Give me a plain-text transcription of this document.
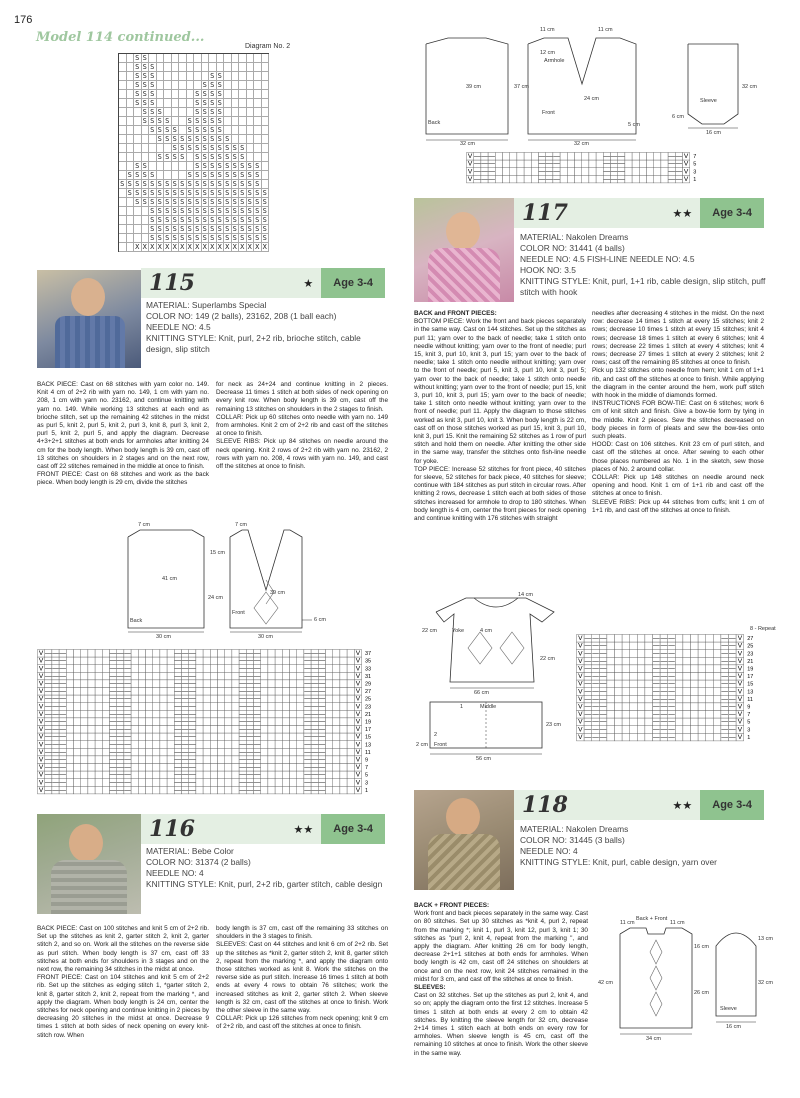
176
Model 114 continued...
Diagram No. 2
S S
S S S
S S S	S S
S S S	S S S
S S S	S S S S
S S S	S S S S
S S S	S S S S
S S S S	S S S S S
S S S S	S S S S S
S S S S S S S S S S
S S S S S S S S S S
S S S S	S S S S S S S
S S	S S S S S S S S S
S S S S	S S S S S S S S S S
S S S S S S S S S S S S S S S S S S S
S S S S S S S S S S S S S S S S S S S
S S S S S S S S S S S S S S S S S S
S S S S S S S S S S S S S S S S
S S S S S S S S S S S S S S S S
S S S S S S S S S S S S S S S S
S S S S S S S S S S S S S S S S
X X X X X X X X X X X X X X X X X X
115	★	Age 3-4
MATERIAL: Superlambs Special
COLOR NO: 149 (2 balls), 23162, 208 (1 ball each)
NEEDLE NO: 4.5
KNITTING STYLE: Knit, purl, 2+2 rib, brioche stitch, cable design, slip stitch

BACK PIECE: Cast on 68 stitches with yarn color no. 149. Knit 4 cm of 2+2 rib with yarn no. 149, 1 cm with yarn no. 208, 1 cm with yarn no. 23162, and continue knitting with yarn no. 149. While working 13 stitches at each end as brioche stitch, set up the remaining 42 stitches in the midst as purl 5, knit 2, purl 5, knit 2, purl 3, knit 8, purl 3, knit 2, purl 5, knit 2, purl 5, and apply the diagram. Decrease 4+3+2+1 stitches at both ends for armholes after knitting 24 cm for the body length. When body length is 39 cm, cast off 13 stitches on shoulders in 2 stages and on the next row, cast off 22 stitches remained in the middle at once to finish.

FRONT PIECE: Cast on 68 stitches and work as the back piece. When body length is 29 cm, divide the stitches

for neck as 24+24 and continue knitting in 2 pieces. Decrease 11 times 1 stitch at both sides of neck opening on every knit row. When body length is 39 cm, cast off the remaining 13 stitches on shoulders in the 2 stages to finish.

COLLAR: Pick up 60 stitches onto needle with yarn no. 149 from armholes. Knit 2 cm of 2+2 rib and cast off the stitches at once to finish.

SLEEVE RIBS: Pick up 84 stitches on needle around the neck opening. Knit 2 rows of 2+2 rib with yarn no. 23162, 2 rows with yarn no. 208, 4 rows with yarn no. 149, and cast off the stitches at once to finish.

7 cm	7 cm
15 cm
41 cm
24 cm
39 cm
6 cm
30 cm	30 cm
Back
Front
V — — —	— — —	— — —	— — —	— — —	V 37
V — — —	— — —	— — —	— — —	— — —	V 35
V — — —	— — —	— — —	— — —	— — —	V 33
V — — —	— — —	— — —	— — —	— — —	V 31
V — — —	— — —	— — —	— — —	— — —	V 29
V — — —	— — —	— — —	— — —	— — —	V 27
V — — —	— — —	— — —	— — —	— — —	V 25
V — — —	— — —	— — —	— — —	— — —	V 23
V — — —	— — —	— — —	— — —	— — —	V 21
V — — —	— — —	— — —	— — —	— — —	V 19
V — — —	— — —	— — —	— — —	— — —	V 17
V — — —	— — —	— — —	— — —	— — —	V 15
V — — —	— — —	— — —	— — —	— — —	V 13
V — — —	— — —	— — —	— — —	— — —	V 11
V — — —	— — —	— — —	— — —	— — —	V 9
V — — —	— — —	— — —	— — —	— — —	V 7
V — — —	— — —	— — —	— — —	— — —	V 5
V — — —	— — —	— — —	— — —	— — —	V 3
V — — —	— — —	— — —	— — —	— — —	V 1
116	★★	Age 3-4
MATERIAL: Bebe Color
COLOR NO: 31374 (2 balls)
NEEDLE NO: 4
KNITTING STYLE: Knit, purl, 2+2 rib, garter stitch, cable design

BACK PIECE: Cast on 100 stitches and knit 5 cm of 2+2 rib. Set up the stitches as knit 2, garter stitch 2, knit 2, garter stitch 2, and so on. Work all the stitches on the reverse side as purl stitch. When body length is 37 cm, cast off 33 stitches at both ends for shoulders in 3 stages and on the next row, the remaining 34 stitches in the midst at once.

FRONT PIECE: Cast on 104 stitches and knit 5 cm of 2+2 rib. Set up the stitches as edging stitch 1, *garter stitch 2, knit 8, garter stitch 2, knit 2, repeat from the marking *, and apply the diagram. When body length is 24 cm, center the stitches for neck opening and continue knitting in 2 pieces by decreasing 20 stitches in the midst at once. Decrease 9 times 1 stitch at both sides of neck opening on every knit-stitch row. When

body length is 37 cm, cast off the remaining 33 stitches on shoulders in the 3 stages to finish.

SLEEVES: Cast on 44 stitches and knit 6 cm of 2+2 rib. Set up the stitches as *knit 2, garter stitch 2, knit 8, garter stitch 2, repeat from the marking *, and apply the diagram onto those stitches worked as knit 8. Work the stitches on the reverse side as purl stitch. Increase 16 times 1 stitch at both ends at every 4 rows to obtain 76 stitches; work the increased stitches as knit 2, garter stitch 2. When sleeve length is 32 cm, cast off the stitches at once to finish. Work the other sleeve in the same way.

COLLAR: Pick up 126 stitches from neck opening; knit 9 cm of 2+2 rib, and cast off the stitches at once to finish.

11 cm	11 cm
12 cm
39 cm	37 cm
24 cm
5 cm
32 cm	32 cm
6 cm
16 cm
32 cm
Armhole
Back
Front
Sleeve
V — — —	— — —	— — —	— — V 7
V — — —	— — —	— — —	— — V 5
V — — —	— — —	— — —	— — V 3
V — — —	— — —	— — —	— — V 1
117	★★	Age 3-4
MATERIAL: Nakolen Dreams
COLOR NO: 31441 (4 balls)
NEEDLE NO: 4.5 FISH-LINE NEEDLE NO: 4.5
HOOK NO: 3.5
KNITTING STYLE: Knit, purl, 1+1 rib, cable design, slip stitch, puff stitch with hook

BACK and FRONT PIECES:

BOTTOM PIECE: Work the front and back pieces separately in the same way. Cast on 144 stitches. Set up the stitches as purl 11; yarn over to the back of needle; take 1 stitch onto needle without knitting; yarn over to the front of needle; purl 15, knit 3, purl 10, knit 3, purl 15; yarn over to the back of needle; take 1 stitch onto needle without knitting; yarn over to the front of needle; purl 5, knit 3, purl 10, knit 3, purl 5; yarn over to the back of needle; take 1 stitch onto needle without knitting; yarn over to the front of needle; purl 15, knit 3, purl 10, knit 3, purl 15; yarn over to the back of needle; take 1 stitch onto needle without knitting; yarn over to the front of needle; purl 11. Apply the diagram to those stitches worked as knit 3, purl 10, knit 3. When body length is 22 cm, cast off on those stitches worked as purl 15, knit 3, purl 10, knit 3, purl 15. Knit the remaining 52 stitches as 1 row of purl stitch and hold them on needle. After knitting the other side in the same way, transfer the stitches onto fish-line needle for yoke.

TOP PIECE: Increase 52 stitches for front piece, 40 stitches for sleeve, 52 stitches for back piece, 40 stitches for sleeve; continue with 184 stitches as purl stitch in circular rows. After knitting 2 rows, decrease 1 stitch each at both sides of those stitches increased for armhole to drop to 180 stitches. When body length is 4 cm, center the front pieces for neck opening and continue knitting with 176 stitches with straight

needles after decreasing 4 stitches in the midst. On the next row: decrease 14 times 1 stitch at every 15 stitches; knit 2 rows; decrease 10 times 1 stitch at every 15 stitches; knit 4 rows; decrease 18 times 1 stitch at every 6 stitches; knit 4 rows; decrease 22 times 1 stitch at every 4 stitches; knit 4 rows; decrease 27 times 1 stitch at every 2 stitches; knit 2 rows; cast off the remaining 85 stitches at once to finish.

Pick up 132 stitches onto needle from hem; knit 1 cm of 1+1 rib, and cast off the stitches at once to finish. While applying the diagram in the center around the hem, work puff stitch with hook in the middle of diamonds formed.

INSTRUCTIONS FOR BOW-TIE: Cast on 6 stitches; work 6 cm of knit stitch and finish. Give a bow-tie form by tying in the middle. Knit 2 pieces. Sew the stitches decreased on body pieces in form of pleats and sew the bow-ties onto such pleats.

HOOD: Cast on 106 stitches. Knit 23 cm of purl stitch, and cast off the stitches at once. After sewing to each other those places numbered as No. 1 in the sketch, sew those places of No. 2 around collar.

COLLAR: Pick up 148 stitches on needle around neck opening and hood. Knit 1 cm of 1+1 rib and cast off the stitches at once to finish.

SLEEVE RIBS: Pick up 44 stitches from cuffs; knit 1 cm of 1+1 rib, and cast off the stitches at once to finish.

14 cm
22 cm	4 cm
22 cm
66 cm
56 cm
23 cm
2 cm
Yoke
Middle
1
2
Front
V — — —	— — —	— — V 27
V — — —	— — —	— — V 25
V — — —	— — —	— — V 23
V — — —	— — —	— — V 21
V — — —	— — —	— — V 19
V — — —	— — —	— — V 17
V — — —	— — —	— — V 15
V — — —	— — —	— — V 13
V — — —	— — —	— — V 11
V — — —	— — —	— — V 9
V — — —	— — —	— — V 7
V — — —	— — —	— — V 5
V — — —	— — —	— — V 3
V — — —	— — —	— — V 1
8 - Repeat
118	★★	Age 3-4
MATERIAL: Nakolen Dreams
COLOR NO: 31445 (3 balls)
NEEDLE NO: 4
KNITTING STYLE: Knit, purl, cable design, yarn over

BACK + FRONT PIECES:

Work front and back pieces separately in the same way. Cast on 80 stitches. Set up 30 stitches as *knit 4, purl 2, repeat from the marking *; knit 1, purl 3, knit 12, purl 3, knit 1; 30 stitches as "purl 2, knit 4, repeat from the marking ", and apply the diagram. After knitting 26 cm for body length, decrease 2+1+1 stitches at both ends for armholes. When body length is 42 cm, cast off 24 stitches on shoulders at once and on the next row, knit 24 stitches remained in the midst for 3 cm, and cast off the stitches at once to finish.

SLEEVES:

Cast on 32 stitches. Set up the stitches as purl 2, knit 4, and so on; apply the diagram onto the first 12 stitches. Increase 5 times 1 stitch at both ends at every 2 cm to obtain 42 stitches. By knitting the sleeve length for 32 cm, decrease 2+14 times 1 stitch each at both ends on every row for armholes. When sleeve length is 45 cm, cast off the remaining 10 stitches at once to finish. Work the other sleeve in the same way.

Back + Front
11 cm	11 cm
16 cm
42 cm
26 cm
34 cm
13 cm
32 cm
16 cm
Sleeve
